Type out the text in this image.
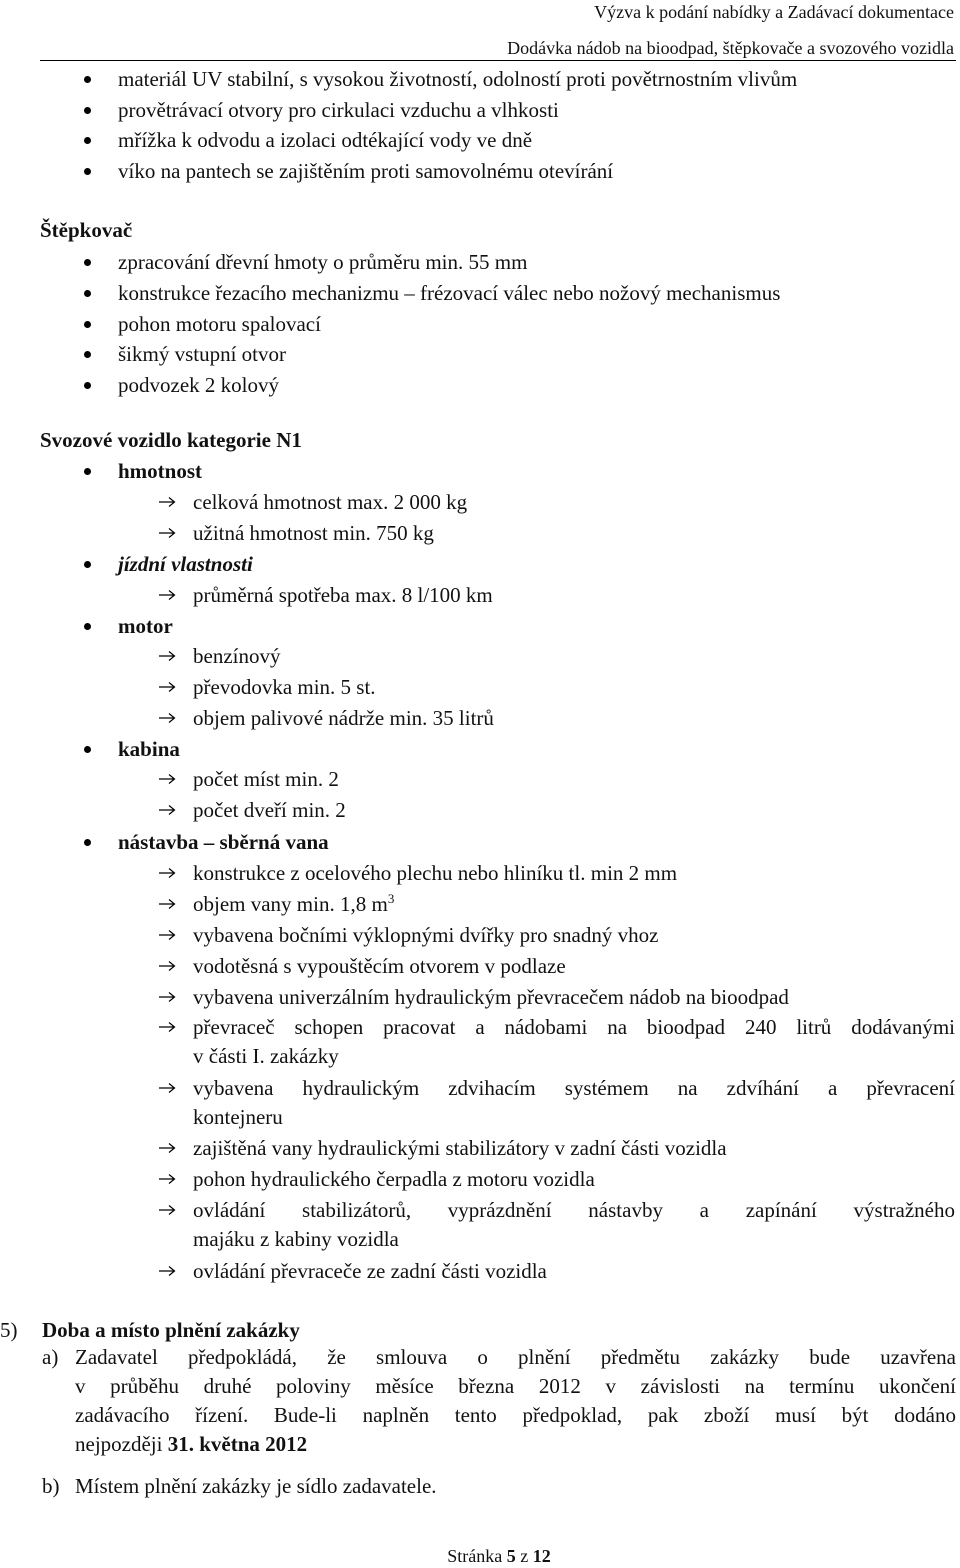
Výzva k podání nabídky a Zadávací dokumentace
Dodávka nádob na bioodpad, štěpkovače a svozového vozidla
materiál UV stabilní, s vysokou životností, odolností proti povětrnostním vlivům
provětrávací otvory pro cirkulaci vzduchu a vlhkosti
mřížka k odvodu a izolaci odtékající vody ve dně
víko na pantech se zajištěním proti samovolnému otevírání
Štěpkovač
zpracování dřevní hmoty o průměru min. 55 mm
konstrukce řezacího mechanizmu – frézovací válec nebo nožový mechanismus
pohon motoru spalovací
šikmý vstupní otvor
podvozek 2 kolový
Svozové vozidlo kategorie N1
hmotnost
celková hmotnost max. 2 000 kg
užitná hmotnost min. 750 kg
jízdní vlastnosti
průměrná spotřeba max. 8 l/100 km
motor
benzínový
převodovka min. 5 st.
objem palivové nádrže min. 35 litrů
kabina
počet míst min. 2
počet dveří min. 2
nástavba – sběrná vana
konstrukce z ocelového plechu nebo hliníku tl. min 2 mm
objem vany min. 1,8 $m^3$
vybavena bočními výklopnými dvířky pro snadný vhoz
vodotěsná s vypouštěcím otvorem v podlaze
vybavena univerzálním hydraulickým převracečem nádob na bioodpad
převraceč schopen pracovat a nádobami na bioodpad 240 litrů dodávanými
v části I. zakázky
vybavena hydraulickým zdvihacím systémem na zdvíhání a převracení
kontejneru
zajištěná vany hydraulickými stabilizátory v zadní části vozidla
pohon hydraulického čerpadla z motoru vozidla
ovládání stabilizátorů, vyprázdnění nástavby a zapínání výstražného
majáku z kabiny vozidla
ovládání převraceče ze zadní části vozidla
5) Doba a místo plnění zakázky
a) Zadavatel předpokládá, že smlouva o plnění předmětu zakázky bude uzavřena
v průběhu druhé poloviny měsíce března 2012 v závislosti na termínu ukončení
zadávacího řízení. Bude-li naplněn tento předpoklad, pak zboží musí být dodáno
nejpozději 31. května 2012
b) Místem plnění zakázky je sídlo zadavatele.
Stránka 5 z 12
